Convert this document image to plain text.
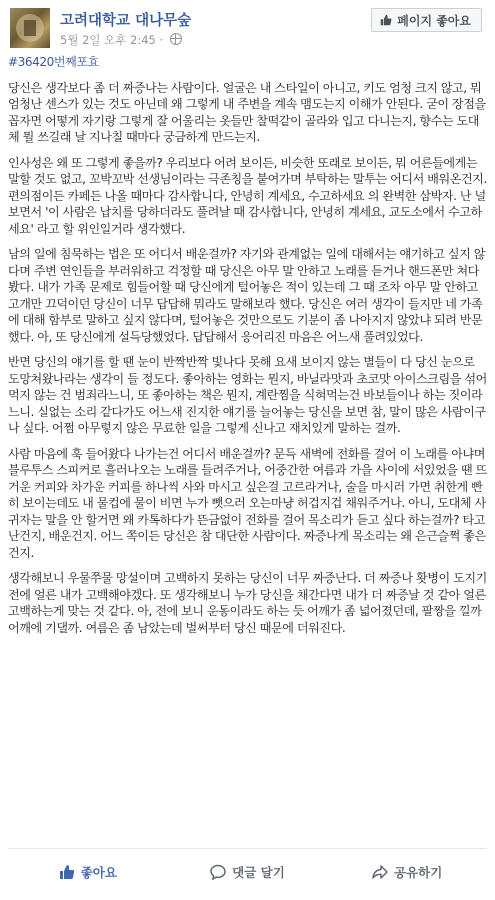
고려대학교 대나무숲
5월 2일 오후 2:45 ·
페이지 좋아요

#36420번째포효

당신은 생각보다 좀 더 짜증나는 사람이다. 얼굴은 내 스타일이 아니고, 키도 엄청 크지 않고, 뭐 엄청난 센스가 있는 것도 아닌데 왜 그렇게 내 주변을 계속 맴도는지 이해가 안된다. 굳이 장점을 꼽자면 어떻게 자기랑 그렇게 잘 어울리는 옷들만 찰떡같이 골라와 입고 다니는지, 향수는 도대체 뭘 쓰길래 날 지나칠 때마다 궁금하게 만드는지.

인사성은 왜 또 그렇게 좋을까? 우리보다 어려 보이든, 비슷한 또래로 보이든, 뭐 어른들에게는 말할 것도 없고, 꼬박꼬박 선생님이라는 극존칭을 붙여가며 부탁하는 말투는 어디서 배워온건지. 편의점이든 카페든 나올 때마다 감사합니다, 안녕히 계세요, 수고하세요 의 완벽한 삼박자. 난 널 보면서 '이 사람은 납치를 당하더라도 풀려날 때 감사합니다, 안녕히 계세요, 교도소에서 수고하세요' 라고 할 위인일거라 생각했다.

남의 일에 침묵하는 법은 또 어디서 배운걸까? 자기와 관계없는 일에 대해서는 얘기하고 싶지 않다며 주변 연인들을 부러워하고 걱정할 때 당신은 아무 말 안하고 노래를 듣거나 핸드폰만 쳐다봤다. 내가 가족 문제로 힘들어할 때 당신에게 털어놓은 적이 있는데 그 때 조차 아무 말 안하고 고개만 끄덕이던 당신이 너무 답답해 뭐라도 말해보라 했다. 당신은 여러 생각이 들지만 네 가족에 대해 함부로 말하고 싶지 않다며, 털어놓은 것만으로도 기분이 좀 나아지지 않았냐 되려 반문했다. 아, 또 당신에게 설득당했었다. 답답해서 응어리진 마음은 어느새 풀려있었다.

반면 당신의 얘기를 할 땐 눈이 반짝반짝 빛나다 못해 요새 보이지 않는 별들이 다 당신 눈으로 도망쳐왔나라는 생각이 들 정도다. 좋아하는 영화는 뭔지, 바닐라맛과 초코맛 아이스크림을 섞어 먹지 않는 건 범죄라느니, 또 좋아하는 책은 뭔지, 계란찜을 식혀먹는건 바보들이나 하는 짓이라느니. 실없는 소리 같다가도 어느새 진지한 얘기를 늘어놓는 당신을 보면 참, 말이 많은 사람이구나 싶다. 어쩜 아무렇지 않은 무료한 일을 그렇게 신나고 재치있게 말하는 걸까.

사람 마음에 훅 들어왔다 나가는건 어디서 배운걸까? 문득 새벽에 전화를 걸어 이 노래를 아냐며 블루투스 스피커로 흘러나오는 노래를 들려주거나, 어중간한 여름과 가을 사이에 서있었을 땐 뜨거운 커피와 차가운 커피를 하나씩 사와 마시고 싶은걸 고르라거나, 술을 마시러 가면 취한게 빤히 보이는데도 내 물컵에 물이 비면 누가 뺏으러 오는마냥 허겁지겁 채워주거나. 아니, 도대체 사귀자는 말을 안 할거면 왜 카톡하다가 뜬금없이 전화를 걸어 목소리가 듣고 싶다 하는걸까? 타고난건지, 배운건지. 어느 쪽이든 당신은 참 대단한 사람이다. 짜증나게 목소리는 왜 은근슬쩍 좋은건지.

생각해보니 우물쭈물 망설이며 고백하지 못하는 당신이 너무 짜증난다. 더 짜증나 홧병이 도지기 전에 얼른 내가 고백해야겠다. 또 생각해보니 누가 당신을 채간다면 내가 더 짜증날 것 같아 얼른 고백하는게 맞는 것 같다. 아, 전에 보니 운동이라도 하는 듯 어깨가 좀 넓어졌던데, 팔짱을 낄까 어깨에 기댈까. 여름은 좀 남았는데 벌써부터 당신 때문에 더워진다.

좋아요	댓글 달기	공유하기
